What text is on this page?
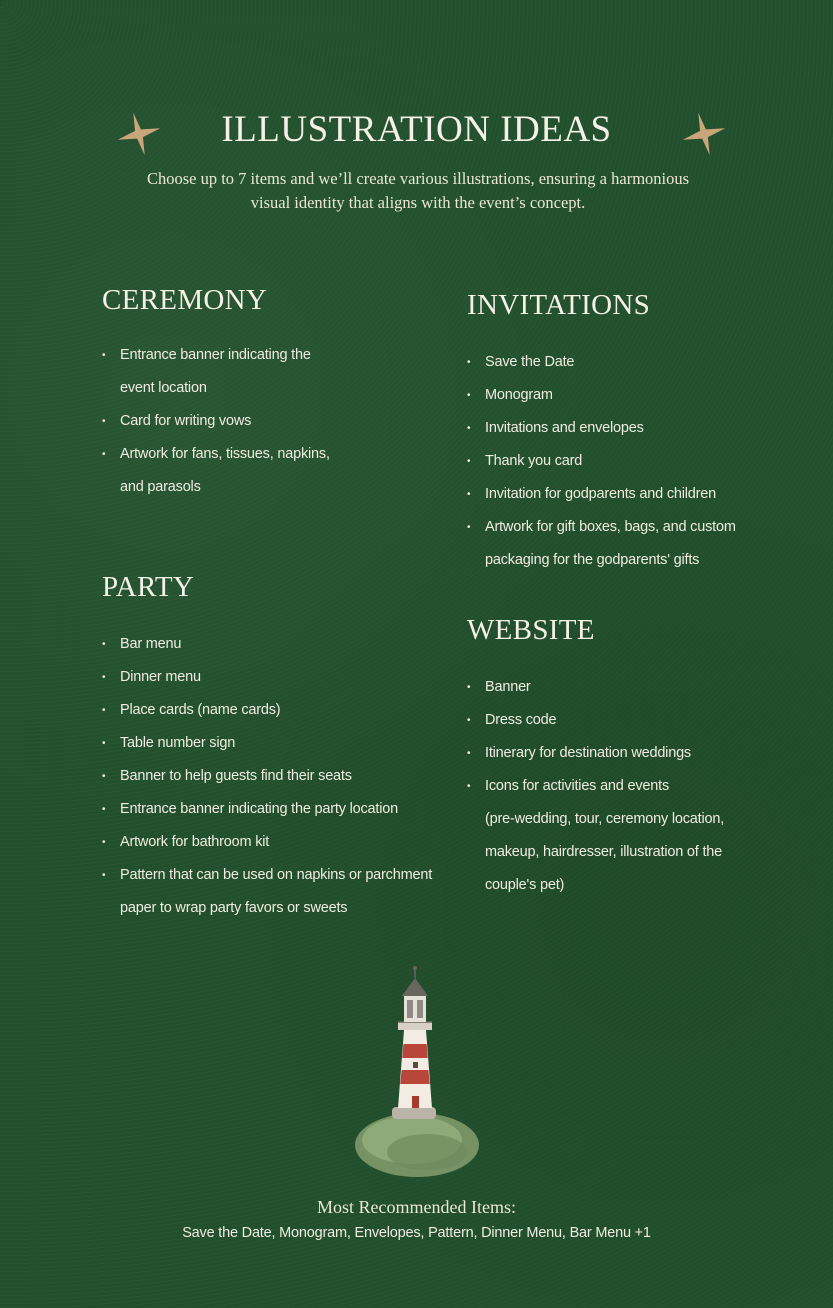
ILLUSTRATION IDEAS

Choose up to 7 items and we’ll create various illustrations, ensuring a harmonious visual identity that aligns with the event’s concept.

CEREMONY
• Entrance banner indicating the
event location
• Card for writing vows
• Artwork for fans, tissues, napkins,
and parasols
PARTY
• Bar menu
• Dinner menu
• Place cards (name cards)
• Table number sign
• Banner to help guests find their seats
• Entrance banner indicating the party location
• Artwork for bathroom kit
• Pattern that can be used on napkins or parchment
paper to wrap party favors or sweets
INVITATIONS
• Save the Date
• Monogram
• Invitations and envelopes
• Thank you card
• Invitation for godparents and children
• Artwork for gift boxes, bags, and custom
packaging for the godparents' gifts
WEBSITE
• Banner
• Dress code
• Itinerary for destination weddings
• Icons for activities and events
(pre-wedding, tour, ceremony location,
makeup, hairdresser, illustration of the
couple's pet)

Most Recommended Items:

Save the Date, Monogram, Envelopes, Pattern, Dinner Menu, Bar Menu +1
